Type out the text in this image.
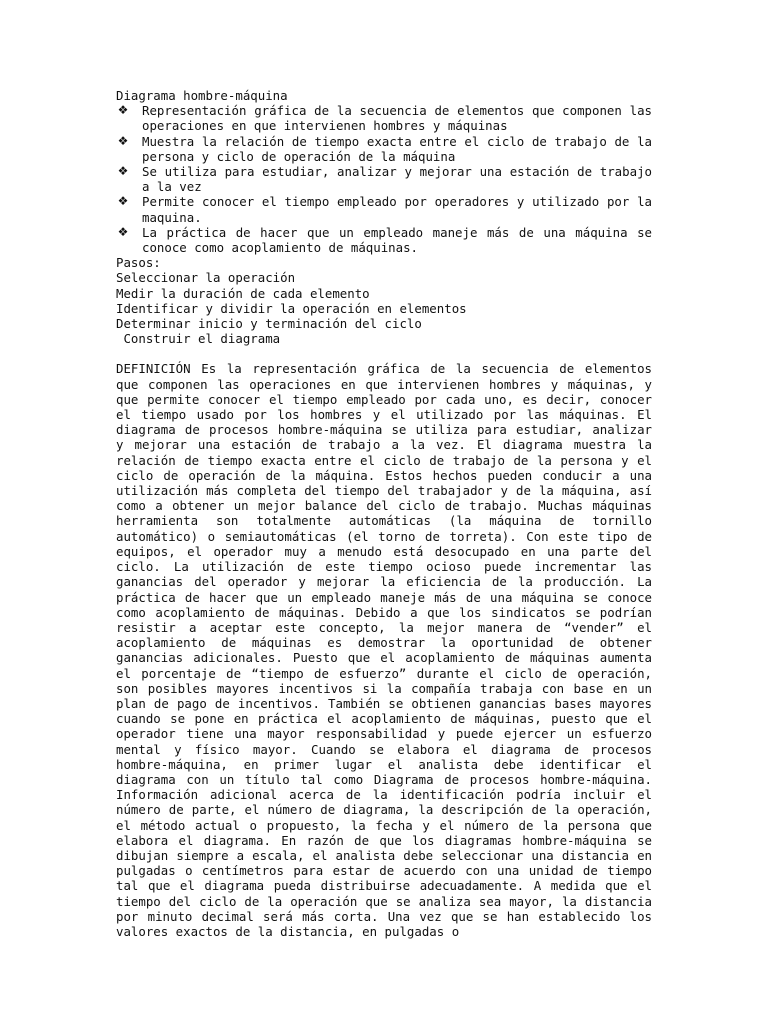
Diagrama hombre-máquina
❖ Representación gráfica de la secuencia de elementos que componen las operaciones en que intervienen hombres y máquinas
❖ Muestra la relación de tiempo exacta entre el ciclo de trabajo de la persona y ciclo de operación de la máquina
❖ Se utiliza para estudiar, analizar y mejorar una estación de trabajo a la vez
❖ Permite conocer el tiempo empleado por operadores y utilizado por la maquina.
❖ La práctica de hacer que un empleado maneje más de una máquina se conoce como acoplamiento de máquinas.
Pasos:
Seleccionar la operación
Medir la duración de cada elemento
Identificar y dividir la operación en elementos
Determinar inicio y terminación del ciclo
Construir el diagrama

DEFINICIÓN Es la representación gráfica de la secuencia de elementos que componen las operaciones en que intervienen hombres y máquinas, y que permite conocer el tiempo empleado por cada uno, es decir, conocer el tiempo usado por los hombres y el utilizado por las máquinas. El diagrama de procesos hombre-máquina se utiliza para estudiar, analizar y mejorar una estación de trabajo a la vez. El diagrama muestra la relación de tiempo exacta entre el ciclo de trabajo de la persona y el ciclo de operación de la máquina. Estos hechos pueden conducir a una utilización más completa del tiempo del trabajador y de la máquina, así como a obtener un mejor balance del ciclo de trabajo. Muchas máquinas herramienta son totalmente automáticas (la máquina de tornillo automático) o semiautomáticas (el torno de torreta). Con este tipo de equipos, el operador muy a menudo está desocupado en una parte del ciclo. La utilización de este tiempo ocioso puede incrementar las ganancias del operador y mejorar la eficiencia de la producción. La práctica de hacer que un empleado maneje más de una máquina se conoce como acoplamiento de máquinas. Debido a que los sindicatos se podrían resistir a aceptar este concepto, la mejor manera de “vender” el acoplamiento de máquinas es demostrar la oportunidad de obtener ganancias adicionales. Puesto que el acoplamiento de máquinas aumenta el porcentaje de “tiempo de esfuerzo” durante el ciclo de operación, son posibles mayores incentivos si la compañía trabaja con base en un plan de pago de incentivos. También se obtienen ganancias bases mayores cuando se pone en práctica el acoplamiento de máquinas, puesto que el operador tiene una mayor responsabilidad y puede ejercer un esfuerzo mental y físico mayor. Cuando se elabora el diagrama de procesos hombre-máquina, en primer lugar el analista debe identificar el diagrama con un título tal como Diagrama de procesos hombre-máquina. Información adicional acerca de la identificación podría incluir el número de parte, el número de diagrama, la descripción de la operación, el método actual o propuesto, la fecha y el número de la persona que elabora el diagrama. En razón de que los diagramas hombre-máquina se dibujan siempre a escala, el analista debe seleccionar una distancia en pulgadas o centímetros para estar de acuerdo con una unidad de tiempo tal que el diagrama pueda distribuirse adecuadamente. A medida que el tiempo del ciclo de la operación que se analiza sea mayor, la distancia por minuto decimal será más corta. Una vez que se han establecido los valores exactos de la distancia, en pulgadas o
